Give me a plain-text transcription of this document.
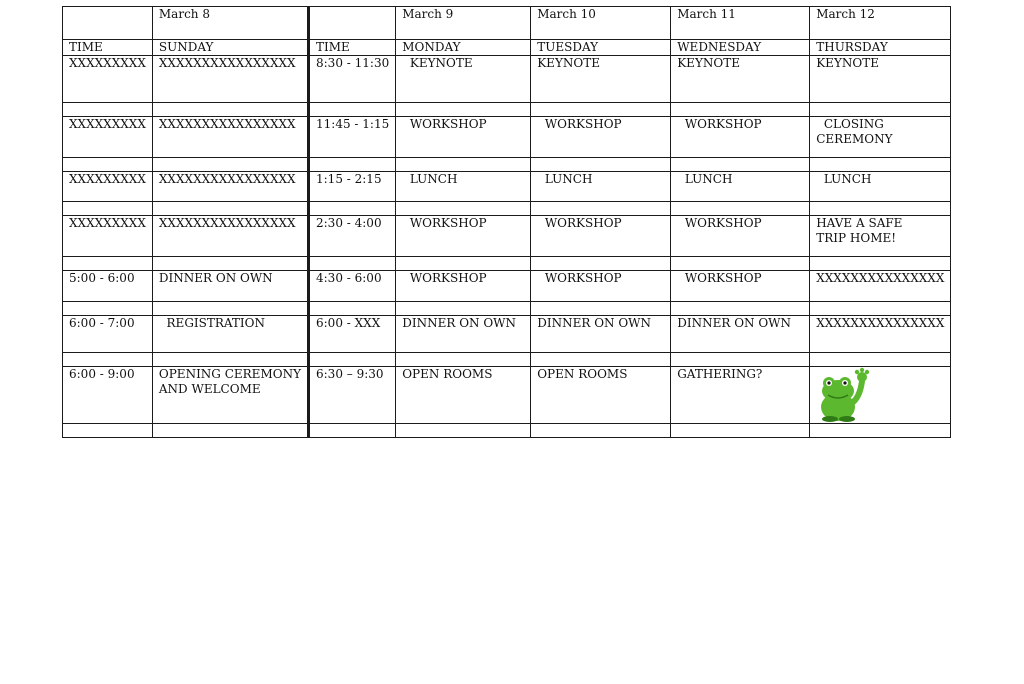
	March 8		March 9	March 10	March 11	March 12
TIME	SUNDAY	TIME	MONDAY	TUESDAY	WEDNESDAY	THURSDAY
XXXXXXXXX	XXXXXXXXXXXXXXXX	8:30 - 11:30	KEYNOTE	KEYNOTE	KEYNOTE	KEYNOTE

XXXXXXXXX	XXXXXXXXXXXXXXXX	11:45 - 1:15	WORKSHOP	WORKSHOP	WORKSHOP	CLOSING
CEREMONY

XXXXXXXXX	XXXXXXXXXXXXXXXX	1:15 - 2:15	LUNCH	LUNCH	LUNCH	LUNCH

XXXXXXXXX	XXXXXXXXXXXXXXXX	2:30 - 4:00	WORKSHOP	WORKSHOP	WORKSHOP	HAVE A SAFE
TRIP HOME!

5:00 - 6:00	DINNER ON OWN	4:30 - 6:00	WORKSHOP	WORKSHOP	WORKSHOP	XXXXXXXXXXXXXXX

6:00 - 7:00	REGISTRATION	6:00 - XXX	DINNER ON OWN	DINNER ON OWN	DINNER ON OWN	XXXXXXXXXXXXXXX

6:00 - 9:00	OPENING CEREMONY
AND WELCOME	6:30 – 9:30	OPEN ROOMS	OPEN ROOMS	GATHERING?	
